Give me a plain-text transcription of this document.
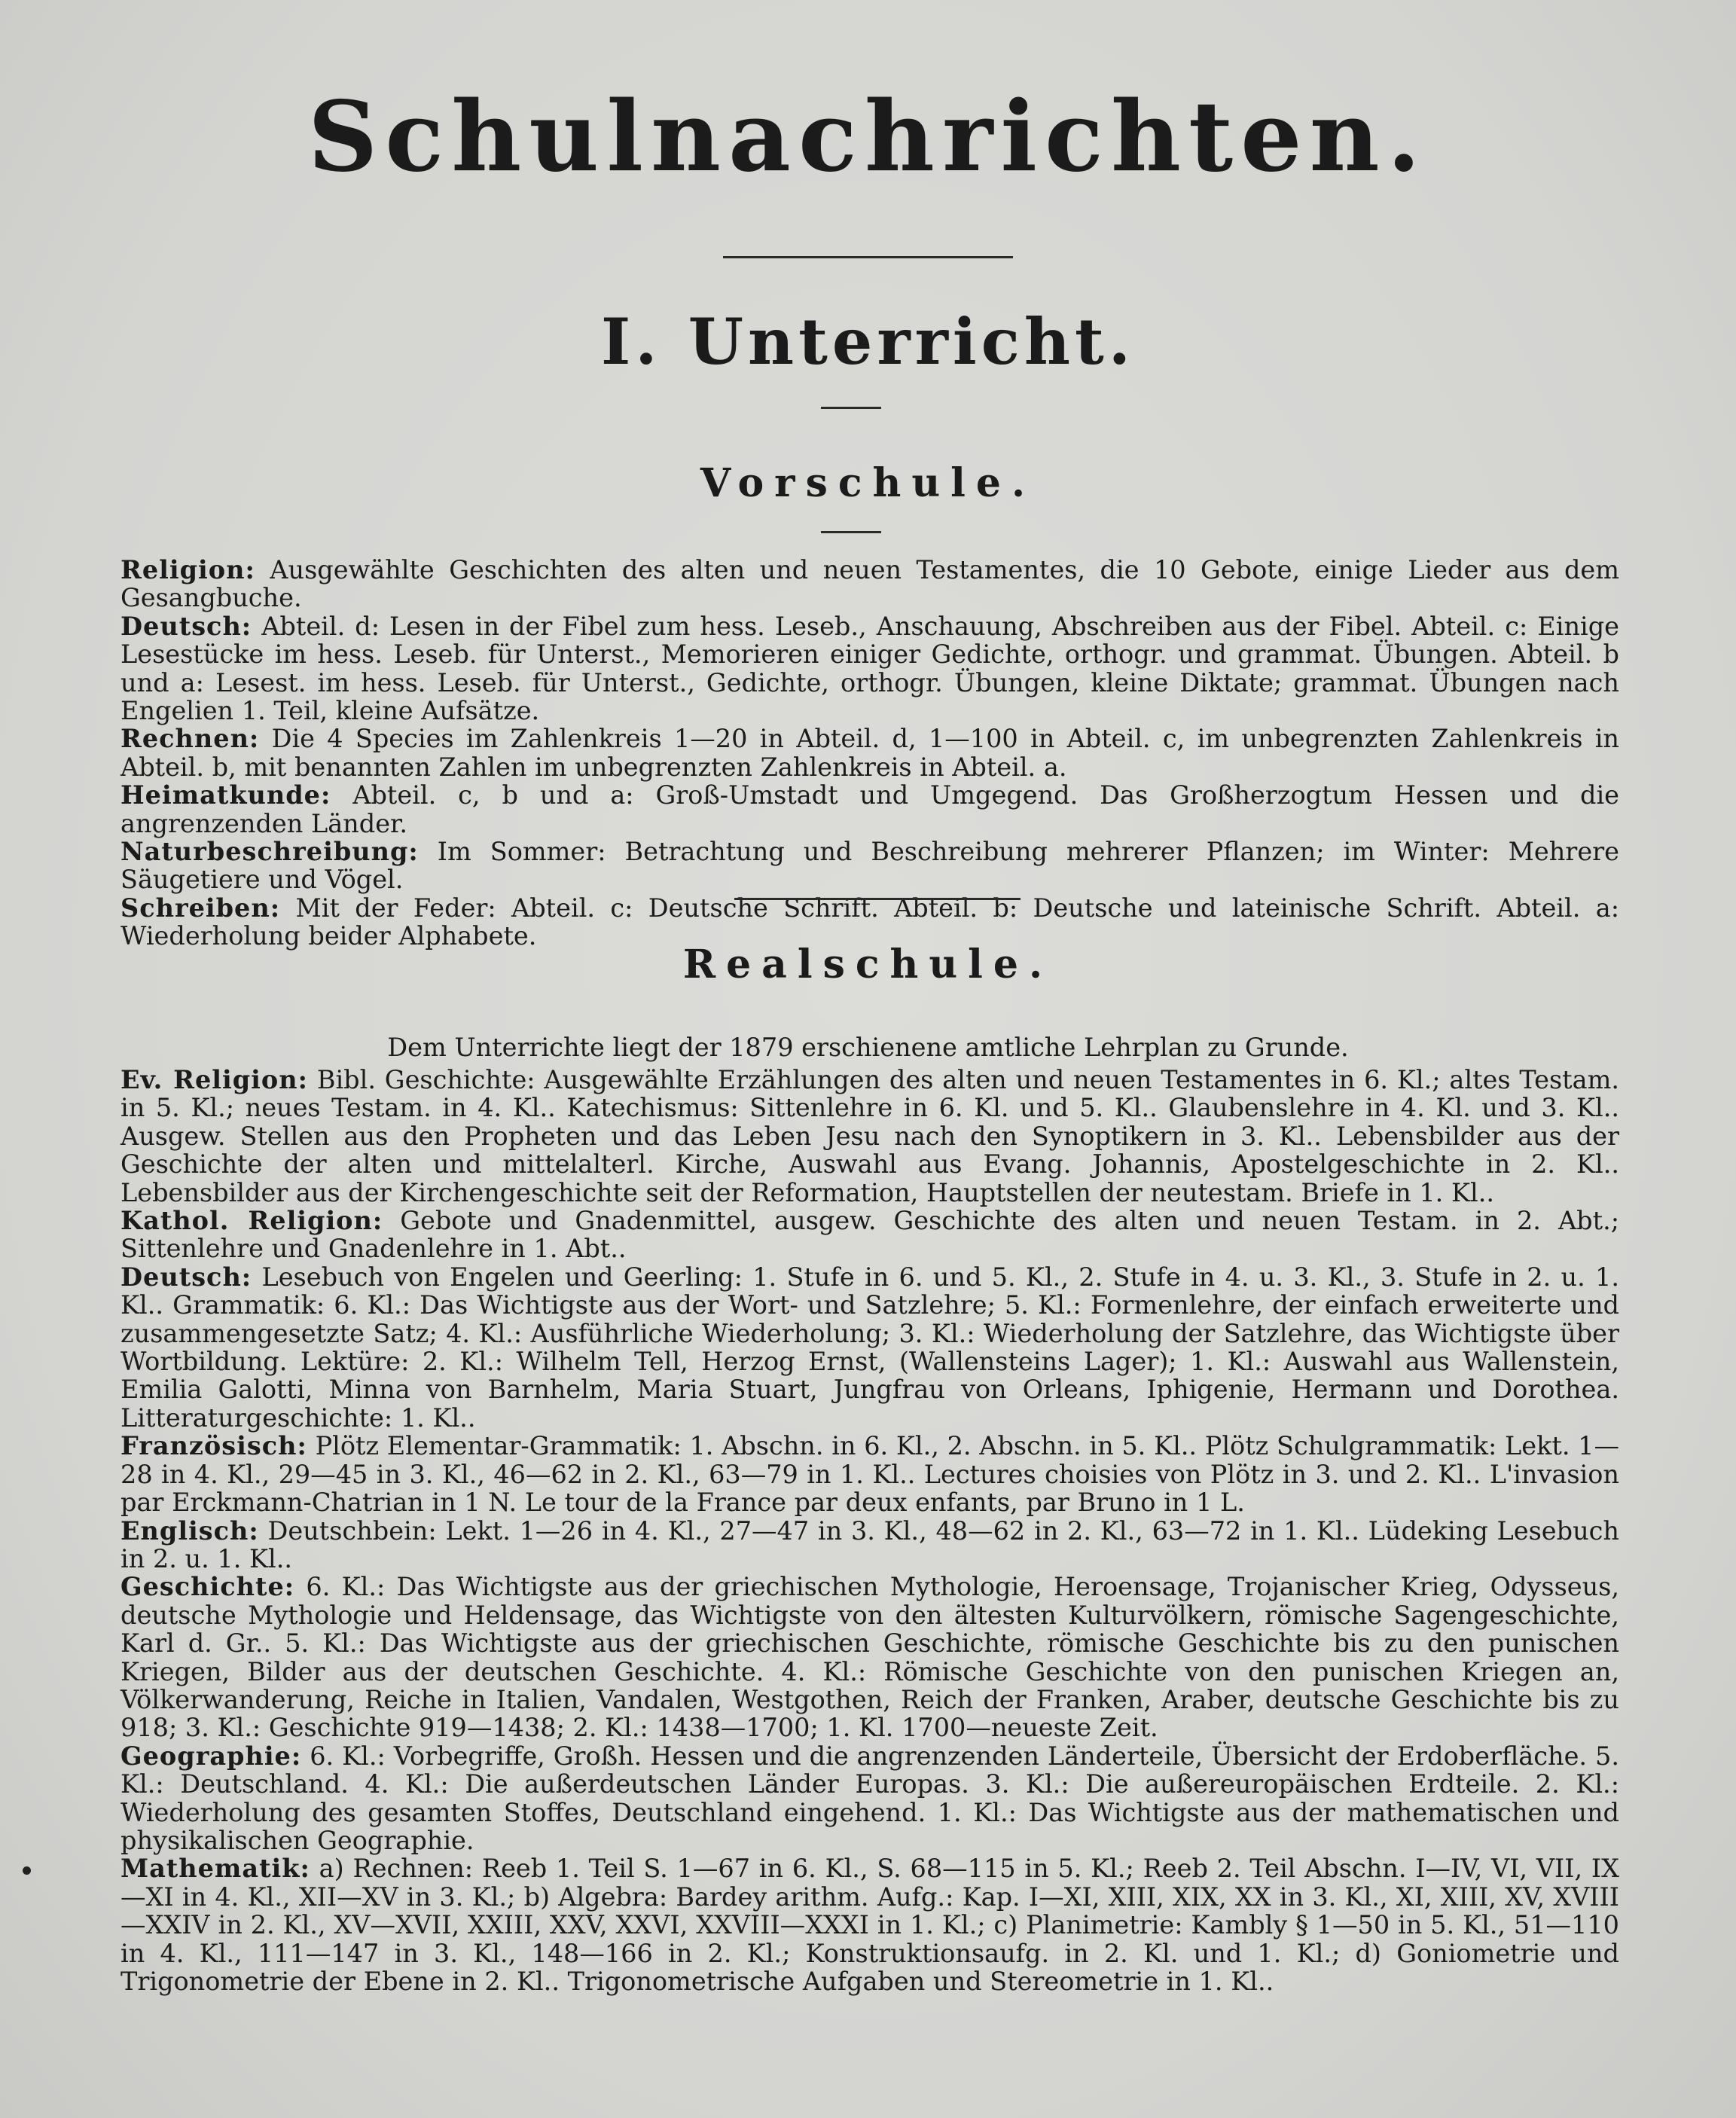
Schulnachrichten.
I. Unterricht.
Vorschule.

Religion: Ausgewählte Geschichten des alten und neuen Testamentes, die 10 Gebote, einige Lieder aus dem Gesangbuche.

Deutsch: Abteil. d: Lesen in der Fibel zum hess. Leseb., Anschauung, Abschreiben aus der Fibel. Abteil. c: Einige Lesestücke im hess. Leseb. für Unterst., Memorieren einiger Gedichte, orthogr. und grammat. Übungen. Abteil. b und a: Lesest. im hess. Leseb. für Unterst., Gedichte, orthogr. Übungen, kleine Diktate; grammat. Übungen nach Engelien 1. Teil, kleine Aufsätze.

Rechnen: Die 4 Species im Zahlenkreis 1—20 in Abteil. d, 1—100 in Abteil. c, im unbegrenzten Zahlenkreis in Abteil. b, mit benannten Zahlen im unbegrenzten Zahlenkreis in Abteil. a.

Heimatkunde: Abteil. c, b und a: Groß-Umstadt und Umgegend. Das Großherzogtum Hessen und die angrenzenden Länder.

Naturbeschreibung: Im Sommer: Betrachtung und Beschreibung mehrerer Pflanzen; im Winter: Mehrere Säugetiere und Vögel.

Schreiben: Mit der Feder: Abteil. c: Deutsche Schrift. Abteil. b: Deutsche und lateinische Schrift. Abteil. a: Wiederholung beider Alphabete.

Realschule.
Dem Unterrichte liegt der 1879 erschienene amtliche Lehrplan zu Grunde.

Ev. Religion: Bibl. Geschichte: Ausgewählte Erzählungen des alten und neuen Testamentes in 6. Kl.; altes Testam. in 5. Kl.; neues Testam. in 4. Kl.. Katechismus: Sittenlehre in 6. Kl. und 5. Kl.. Glaubenslehre in 4. Kl. und 3. Kl.. Ausgew. Stellen aus den Propheten und das Leben Jesu nach den Synoptikern in 3. Kl.. Lebensbilder aus der Geschichte der alten und mittelalterl. Kirche, Auswahl aus Evang. Johannis, Apostelgeschichte in 2. Kl.. Lebensbilder aus der Kirchengeschichte seit der Reformation, Hauptstellen der neutestam. Briefe in 1. Kl..

Kathol. Religion: Gebote und Gnadenmittel, ausgew. Geschichte des alten und neuen Testam. in 2. Abt.; Sittenlehre und Gnadenlehre in 1. Abt..

Deutsch: Lesebuch von Engelen und Geerling: 1. Stufe in 6. und 5. Kl., 2. Stufe in 4. u. 3. Kl., 3. Stufe in 2. u. 1. Kl.. Grammatik: 6. Kl.: Das Wichtigste aus der Wort- und Satzlehre; 5. Kl.: Formenlehre, der einfach erweiterte und zusammengesetzte Satz; 4. Kl.: Ausführliche Wiederholung; 3. Kl.: Wiederholung der Satzlehre, das Wichtigste über Wortbildung. Lektüre: 2. Kl.: Wilhelm Tell, Herzog Ernst, (Wallensteins Lager); 1. Kl.: Auswahl aus Wallenstein, Emilia Galotti, Minna von Barnhelm, Maria Stuart, Jungfrau von Orleans, Iphigenie, Hermann und Dorothea. Litteraturgeschichte: 1. Kl..

Französisch: Plötz Elementar-Grammatik: 1. Abschn. in 6. Kl., 2. Abschn. in 5. Kl.. Plötz Schulgrammatik: Lekt. 1—28 in 4. Kl., 29—45 in 3. Kl., 46—62 in 2. Kl., 63—79 in 1. Kl.. Lectures choisies von Plötz in 3. und 2. Kl.. L'invasion par Erckmann-Chatrian in 1 N. Le tour de la France par deux enfants, par Bruno in 1 L.

Englisch: Deutschbein: Lekt. 1—26 in 4. Kl., 27—47 in 3. Kl., 48—62 in 2. Kl., 63—72 in 1. Kl.. Lüdeking Lesebuch in 2. u. 1. Kl..

Geschichte: 6. Kl.: Das Wichtigste aus der griechischen Mythologie, Heroensage, Trojanischer Krieg, Odysseus, deutsche Mythologie und Heldensage, das Wichtigste von den ältesten Kulturvölkern, römische Sagengeschichte, Karl d. Gr.. 5. Kl.: Das Wichtigste aus der griechischen Geschichte, römische Geschichte bis zu den punischen Kriegen, Bilder aus der deutschen Geschichte. 4. Kl.: Römische Geschichte von den punischen Kriegen an, Völkerwanderung, Reiche in Italien, Vandalen, Westgothen, Reich der Franken, Araber, deutsche Geschichte bis zu 918; 3. Kl.: Geschichte 919—1438; 2. Kl.: 1438—1700; 1. Kl. 1700—neueste Zeit.

Geographie: 6. Kl.: Vorbegriffe, Großh. Hessen und die angrenzenden Länderteile, Übersicht der Erdoberfläche. 5. Kl.: Deutschland. 4. Kl.: Die außerdeutschen Länder Europas. 3. Kl.: Die außereuropäischen Erdteile. 2. Kl.: Wiederholung des gesamten Stoffes, Deutschland eingehend. 1. Kl.: Das Wichtigste aus der mathematischen und physikalischen Geographie.

Mathematik: a) Rechnen: Reeb 1. Teil S. 1—67 in 6. Kl., S. 68—115 in 5. Kl.; Reeb 2. Teil Abschn. I—IV, VI, VII, IX—XI in 4. Kl., XII—XV in 3. Kl.; b) Algebra: Bardey arithm. Aufg.: Kap. I—XI, XIII, XIX, XX in 3. Kl., XI, XIII, XV, XVIII—XXIV in 2. Kl., XV—XVII, XXIII, XXV, XXVI, XXVIII—XXXI in 1. Kl.; c) Planimetrie: Kambly § 1—50 in 5. Kl., 51—110 in 4. Kl., 111—147 in 3. Kl., 148—166 in 2. Kl.; Konstruktionsaufg. in 2. Kl. und 1. Kl.; d) Goniometrie und Trigonometrie der Ebene in 2. Kl.. Trigonometrische Aufgaben und Stereometrie in 1. Kl..
